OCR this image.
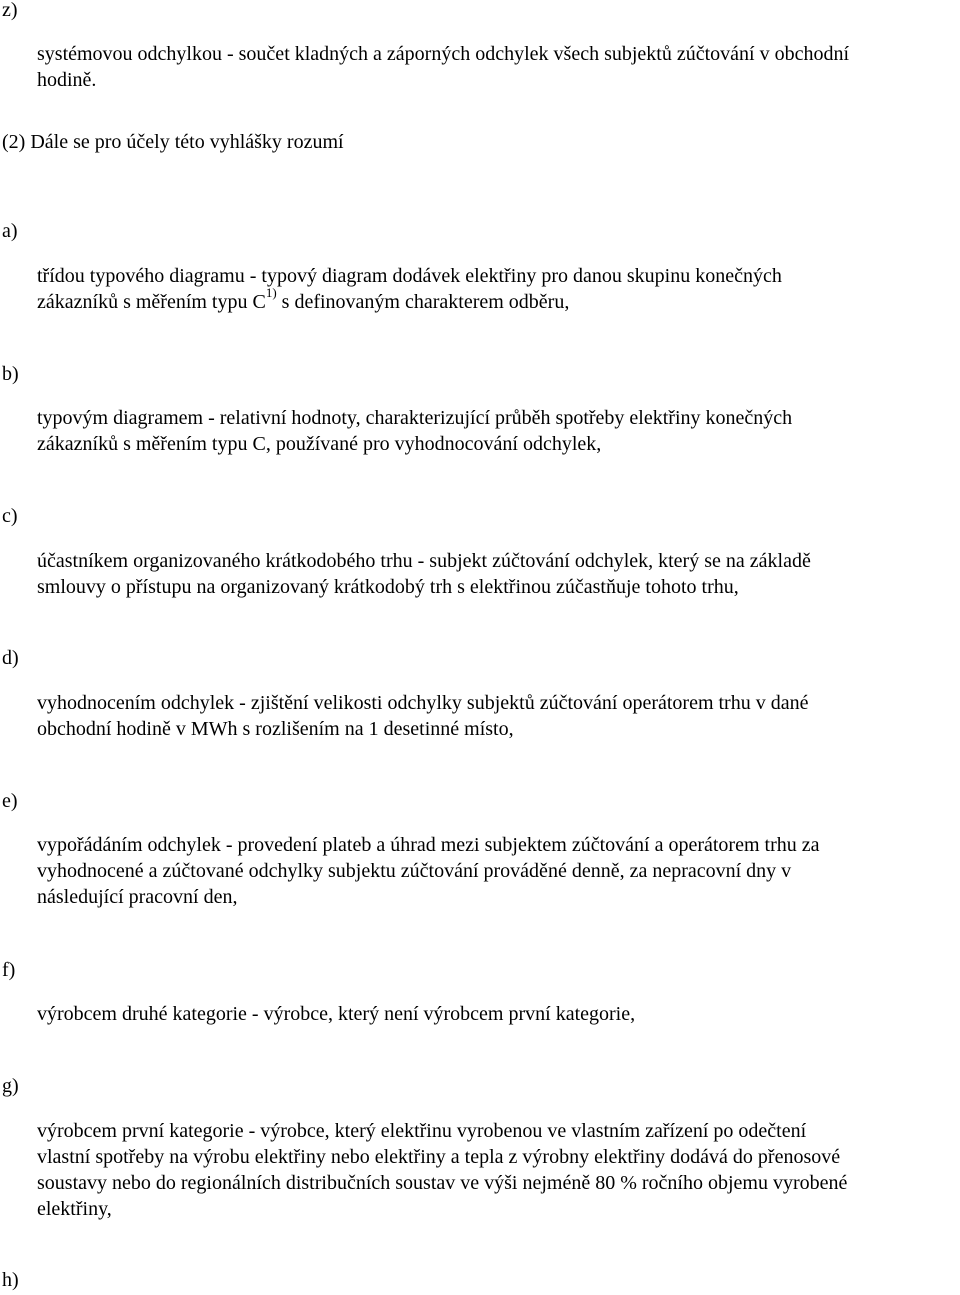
z)
systémovou odchylkou - součet kladných a záporných odchylek všech subjektů zúčtování v obchodní
hodině.
(2) Dále se pro účely této vyhlášky rozumí
a)
třídou typového diagramu - typový diagram dodávek elektřiny pro danou skupinu konečných
zákazníků s měřením typu $C^{1)}$ s definovaným charakterem odběru,
b)
typovým diagramem - relativní hodnoty, charakterizující průběh spotřeby elektřiny konečných
zákazníků s měřením typu C, používané pro vyhodnocování odchylek,
c)
účastníkem organizovaného krátkodobého trhu - subjekt zúčtování odchylek, který se na základě
smlouvy o přístupu na organizovaný krátkodobý trh s elektřinou zúčastňuje tohoto trhu,
d)
vyhodnocením odchylek - zjištění velikosti odchylky subjektů zúčtování operátorem trhu v dané
obchodní hodině v MWh s rozlišením na 1 desetinné místo,
e)
vypořádáním odchylek - provedení plateb a úhrad mezi subjektem zúčtování a operátorem trhu za
vyhodnocené a zúčtované odchylky subjektu zúčtování prováděné denně, za nepracovní dny v
následující pracovní den,
f)
výrobcem druhé kategorie - výrobce, který není výrobcem první kategorie,
g)
výrobcem první kategorie - výrobce, který elektřinu vyrobenou ve vlastním zařízení po odečtení
vlastní spotřeby na výrobu elektřiny nebo elektřiny a tepla z výrobny elektřiny dodává do přenosové
soustavy nebo do regionálních distribučních soustav ve výši nejméně 80 % ročního objemu vyrobené
elektřiny,
h)
